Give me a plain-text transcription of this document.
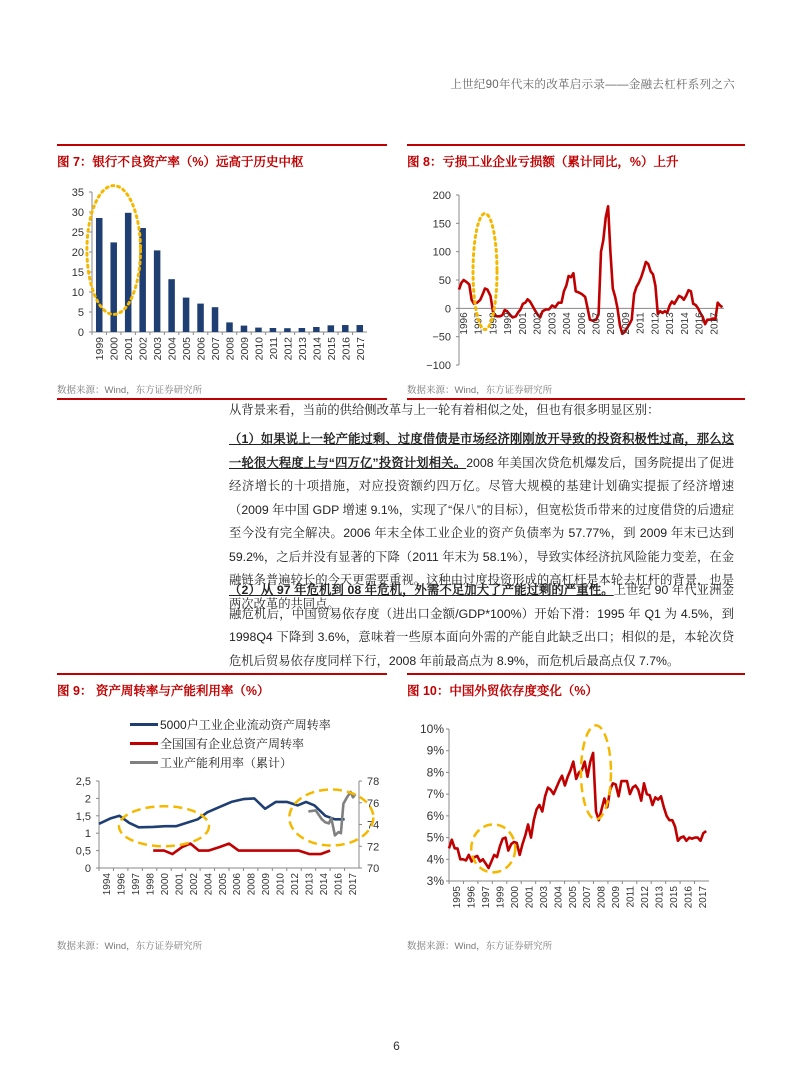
上世纪90年代末的改革启示录——金融去杠杆系列之六
图 7：银行不良资产率（%）远高于历史中枢
0
5
10
15
20
25
30
35
1999 2000 2001 2002 2003 2004 2005 2006 2007 2008 2009 2010 2011 2012 2013 2014 2015 2016 2017
数据来源：Wind，东方证券研究所
图 8：亏损工业企业亏损额（累计同比，%）上升
−100
−50
0
50
100
150
200
1996 1997 1998 1999 2001 2002 2003 2004 2006 2007 2008 2009 2011 2012 2013 2014 2016 2017
数据来源：Wind，东方证券研究所
从背景来看，当前的供给侧改革与上一轮有着相似之处，但也有很多明显区别：
（1）如果说上一轮产能过剩、过度借债是市场经济刚刚放开导致的投资积极性过高，那么这一轮很大程度上与“四万亿”投资计划相关。2008 年美国次贷危机爆发后，国务院提出了促进经济增长的十项措施，对应投资额约四万亿。尽管大规模的基建计划确实提振了经济增速（2009 年中国 GDP 增速 9.1%，实现了“保八”的目标），但宽松货币带来的过度借贷的后遗症至今没有完全解决。2006 年末全体工业企业的资产负债率为 57.77%，到 2009 年末已达到 59.2%，之后并没有显著的下降（2011 年末为 58.1%），导致实体经济抗风险能力变差，在金融链条普遍较长的今天更需要重视。这种由过度投资形成的高杠杆是本轮去杠杆的背景，也是两次改革的共同点。
（2）从 97 年危机到 08 年危机，外需不足加大了产能过剩的严重性。上世纪 90 年代亚洲金融危机后，中国贸易依存度（进出口金额/GDP*100%）开始下滑：1995 年 Q1 为 4.5%，到 1998Q4 下降到 3.6%，意味着一些原本面向外需的产能自此缺乏出口；相似的是，本轮次贷危机后贸易依存度同样下行，2008 年前最高点为 8.9%，而危机后最高点仅 7.7%。
图 9： 资产周转率与产能利用率（%）
5000户工业企业流动资产周转率
全国国有企业总资产周转率
工业产能利用率（累计）
0
0,5
1
1,5
2
2,5
70
72
74
76
78
1994 1996 1997 1998 2000 2001 2002 2004 2005 2006 2008 2009 2010 2012 2013 2014 2016 2017
数据来源：Wind，东方证券研究所
图 10：中国外贸依存度变化（%）
3%
4%
5%
6%
7%
8%
9%
10%
1995 1996 1997 1999 2000 2001 2003 2004 2005 2007 2008 2009 2011 2012 2013 2015 2016 2017
数据来源：Wind，东方证券研究所
6
